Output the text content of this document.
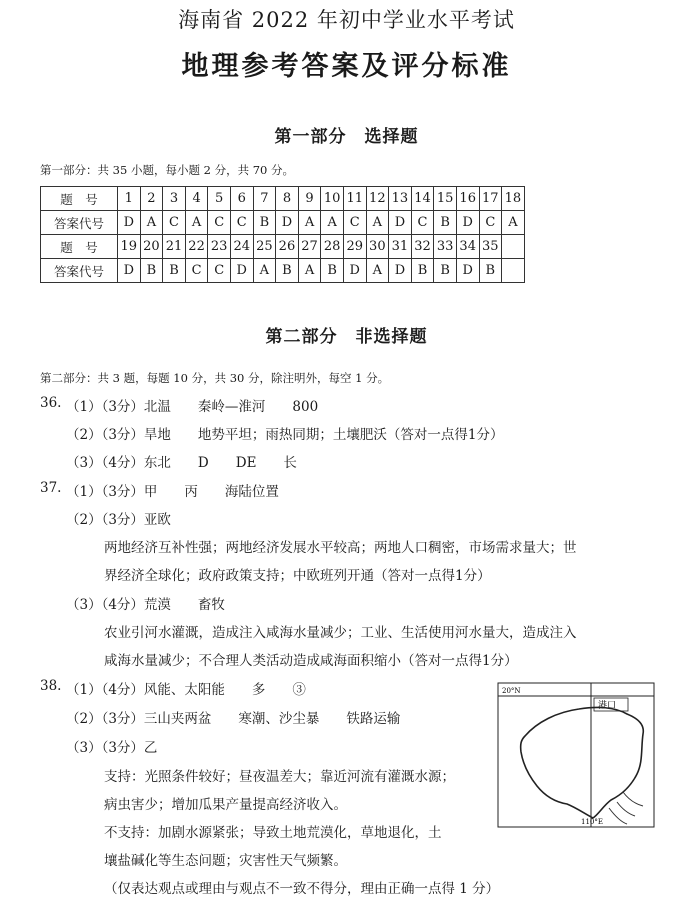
海南省 2022 年初中学业水平考试
地理参考答案及评分标准
第一部分　选择题
第一部分：共 35 小题，每小题 2 分，共 70 分。
题　号	1	2	3	4	5	6	7	8	9	10	11	12	13	14	15	16	17	18
答案代号	D	A	C	A	C	C	B	D	A	A	C	A	D	C	B	D	C	A
题　号	19	20	21	22	23	24	25	26	27	28	29	30	31	32	33	34	35	
答案代号	D	B	B	C	C	D	A	B	A	B	D	A	D	B	B	D	B	
第二部分　非选择题
第二部分：共 3 题，每题 10 分，共 30 分，除注明外，每空 1 分。
36. （1）（3分）北温　　秦岭—淮河　　800
（2）（3分）旱地　　地势平坦；雨热同期；土壤肥沃（答对一点得1分）
（3）（4分）东北　　D　　DE　　长
37. （1）（3分）甲　　丙　　海陆位置
（2）（3分）亚欧
两地经济互补性强；两地经济发展水平较高；两地人口稠密，市场需求量大；世
界经济全球化；政府政策支持；中欧班列开通（答对一点得1分）
（3）（4分）荒漠　　畜牧
农业引河水灌溉，造成注入咸海水量减少；工业、生活使用河水量大，造成注入
咸海水量减少；不合理人类活动造成咸海面积缩小（答对一点得1分）
38. （1）（4分）风能、太阳能　　多　　③
（2）（3分）三山夹两盆　　寒潮、沙尘暴　　铁路运输
（3）（3分）乙
支持：光照条件较好；昼夜温差大；靠近河流有灌溉水源；
病虫害少；增加瓜果产量提高经济收入。
不支持：加剧水源紧张；导致土地荒漠化，草地退化，土
壤盐碱化等生态问题；灾害性天气频繁。
（仅表达观点或理由与观点不一致不得分，理由正确一点得 1 分）
20°N
港口
110°E
